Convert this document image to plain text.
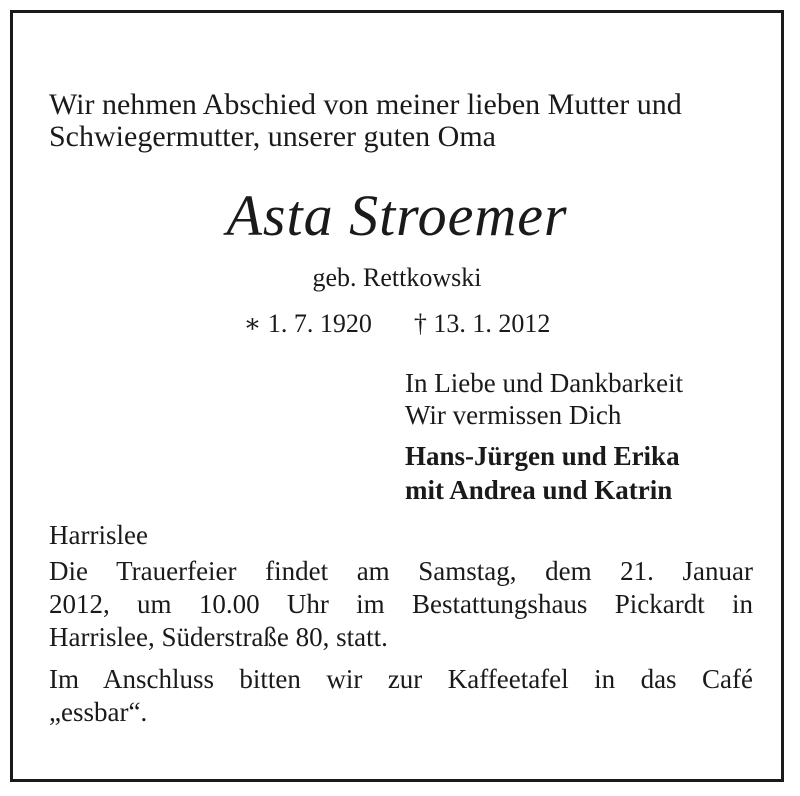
Wir nehmen Abschied von meiner lieben Mutter und
Schwiegermutter, unserer guten Oma

Asta Stroemer

geb. Rettkowski

∗ 1. 7. 1920 † 13. 1. 2012

In Liebe und Dankbarkeit
Wir vermissen Dich

Hans-Jürgen und Erika
mit Andrea und Katrin

Harrislee

Die Trauerfeier findet am Samstag, dem 21. Januar
2012, um 10.00 Uhr im Bestattungshaus Pickardt in
Harrislee, Süderstraße 80, statt.

Im Anschluss bitten wir zur Kaffeetafel in das Café
„essbar“.
